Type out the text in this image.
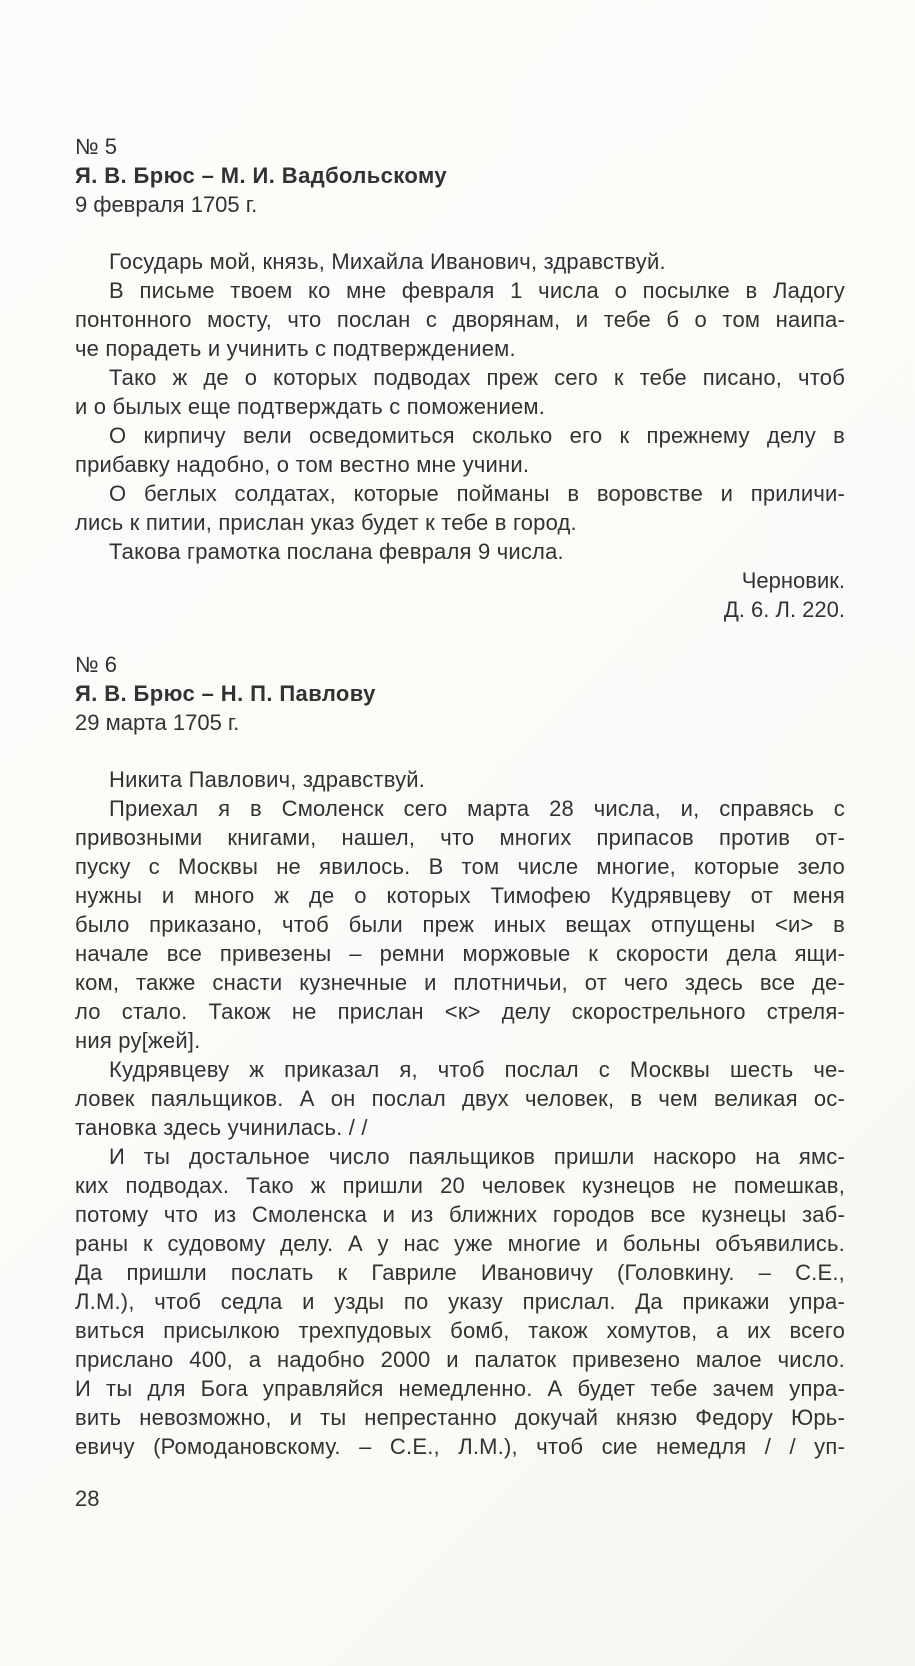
№ 5
Я. В. Брюс – М. И. Вадбольскому
9 февраля 1705 г.
Государь мой, князь, Михайла Иванович, здравствуй.
В письме твоем ко мне февраля 1 числа о посылке в Ладогу
понтонного мосту, что послан с дворянам, и тебе б о том наипа-
че порадеть и учинить с подтверждением.
Тако ж де о которых подводах преж сего к тебе писано, чтоб
и о былых еще подтверждать с поможением.
О кирпичу вели осведомиться сколько его к прежнему делу в
прибавку надобно, о том вестно мне учини.
О беглых солдатах, которые пойманы в воровстве и приличи-
лись к питии, прислан указ будет к тебе в город.
Такова грамотка послана февраля 9 числа.
Черновик.
Д. 6. Л. 220.
№ 6
Я. В. Брюс – Н. П. Павлову
29 марта 1705 г.
Никита Павлович, здравствуй.
Приехал я в Смоленск сего марта 28 числа, и, справясь с
привозными книгами, нашел, что многих припасов против от-
пуску с Москвы не явилось. В том числе многие, которые зело
нужны и много ж де о которых Тимофею Кудрявцеву от меня
было приказано, чтоб были преж иных вещах отпущены <и> в
начале все привезены – ремни моржовые к скорости дела ящи-
ком, также снасти кузнечные и плотничьи, от чего здесь все де-
ло стало. Також не прислан <к> делу скорострельного стреля-
ния ру[жей].
Кудрявцеву ж приказал я, чтоб послал с Москвы шесть че-
ловек паяльщиков. А он послал двух человек, в чем великая ос-
тановка здесь учинилась. / /
И ты достальное число паяльщиков пришли наскоро на ямс-
ких подводах. Тако ж пришли 20 человек кузнецов не помешкав,
потому что из Смоленска и из ближних городов все кузнецы заб-
раны к судовому делу. А у нас уже многие и больны объявились.
Да пришли послать к Гавриле Ивановичу (Головкину. – С.Е.,
Л.М.), чтоб седла и узды по указу прислал. Да прикажи упра-
виться присылкою трехпудовых бомб, також хомутов, а их всего
прислано 400, а надобно 2000 и палаток привезено малое число.
И ты для Бога управляйся немедленно. А будет тебе зачем упра-
вить невозможно, и ты непрестанно докучай князю Федору Юрь-
евичу (Ромодановскому. – С.Е., Л.М.), чтоб сие немедля / / уп-
28
